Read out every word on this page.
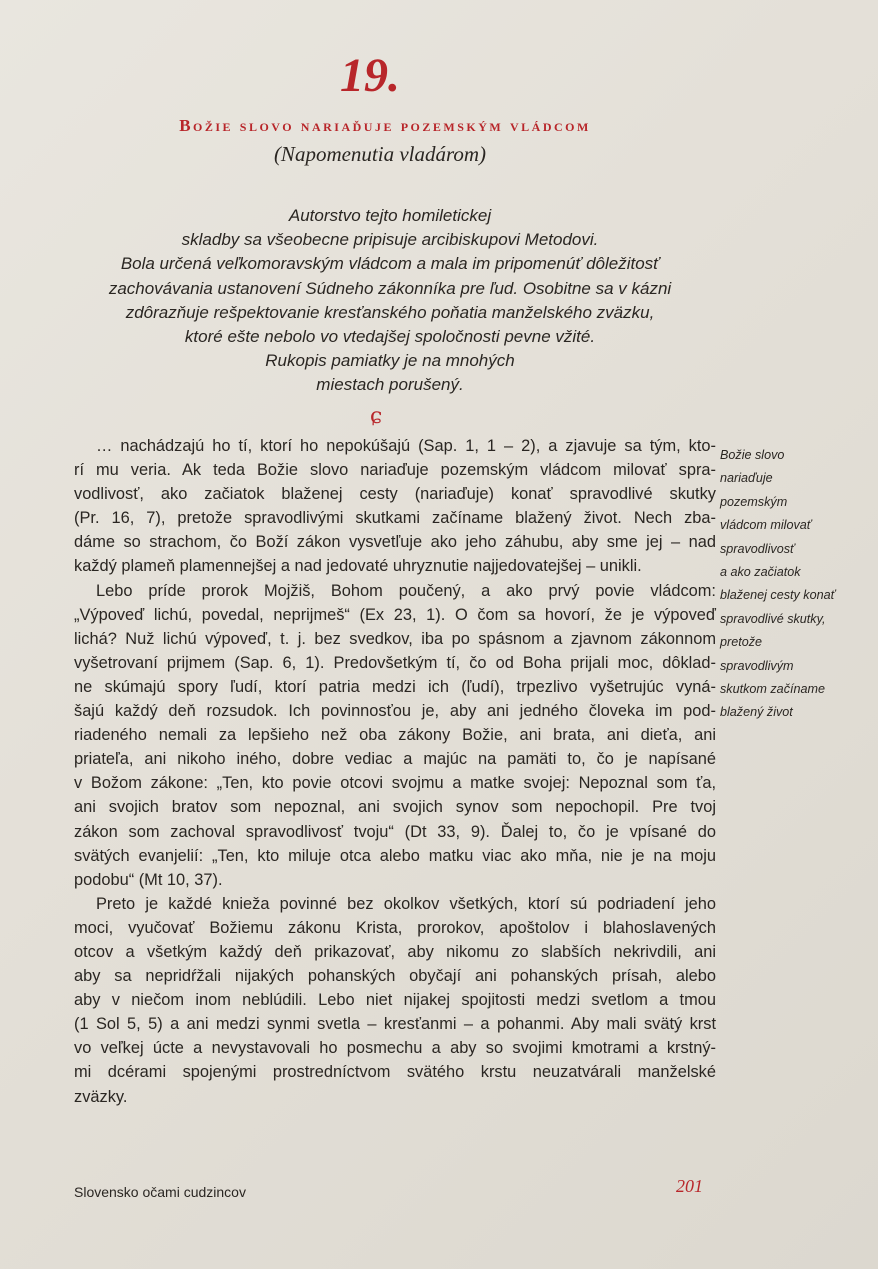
19.
Božie slovo nariaďuje pozemským vládcom

(Napomenutia vladárom)

Autorstvo tejto homiletickej
skladby sa všeobecne pripisuje arcibiskupovi Metodovi.
Bola určená veľkomoravským vládcom a mala im pripomenúť dôležitosť
zachovávania ustanovení Súdneho zákonníka pre ľud. Osobitne sa v kázni
zdôrazňuje rešpektovanie kresťanského poňatia manželského zväzku,
ktoré ešte nebolo vo vtedajšej spoločnosti pevne vžité.
Rukopis pamiatky je na mnohých
miestach porušený.
ɕ
… nachádzajú ho tí, ktorí ho nepokúšajú (Sap. 1, 1 – 2), a zjavuje sa tým, kto-
rí mu veria. Ak teda Božie slovo nariaďuje pozemským vládcom milovať spra-
vodlivosť, ako začiatok blaženej cesty (nariaďuje) konať spravodlivé skutky
(Pr. 16, 7), pretože spravodlivými skutkami začíname blažený život. Nech zba-
dáme so strachom, čo Boží zákon vysvetľuje ako jeho záhubu, aby sme jej – nad
každý plameň plamennejšej a nad jedovaté uhryznutie najjedovatejšej – unikli.
Lebo príde prorok Mojžiš, Bohom poučený, a ako prvý povie vládcom:
„Výpoveď lichú, povedal, neprijmeš“ (Ex 23, 1). O čom sa hovorí, že je výpoveď
lichá? Nuž lichú výpoveď, t. j. bez svedkov, iba po spásnom a zjavnom zákonnom
vyšetrovaní prijmem (Sap. 6, 1). Predovšetkým tí, čo od Boha prijali moc, dôklad-
ne skúmajú spory ľudí, ktorí patria medzi ich (ľudí), trpezlivo vyšetrujúc vyná-
šajú každý deň rozsudok. Ich povinnosťou je, aby ani jedného človeka im pod-
riadeného nemali za lepšieho než oba zákony Božie, ani brata, ani dieťa, ani
priateľa, ani nikoho iného, dobre vediac a majúc na pamäti to, čo je napísané
v Božom zákone: „Ten, kto povie otcovi svojmu a matke svojej: Nepoznal som ťa,
ani svojich bratov som nepoznal, ani svojich synov som nepochopil. Pre tvoj
zákon som zachoval spravodlivosť tvoju“ (Dt 33, 9). Ďalej to, čo je vpísané do
svätých evanjelií: „Ten, kto miluje otca alebo matku viac ako mňa, nie je na moju
podobu“ (Mt 10, 37).
Preto je každé knieža povinné bez okolkov všetkých, ktorí sú podriadení jeho
moci, vyučovať Božiemu zákonu Krista, prorokov, apoštolov i blahoslavených
otcov a všetkým každý deň prikazovať, aby nikomu zo slabších nekrivdili, ani
aby sa nepridŕžali nijakých pohanských obyčají ani pohanských prísah, alebo
aby v niečom inom neblúdili. Lebo niet nijakej spojitosti medzi svetlom a tmou
(1 Sol 5, 5) a ani medzi synmi svetla – kresťanmi – a pohanmi. Aby mali svätý krst
vo veľkej úcte a nevystavovali ho posmechu a aby so svojimi kmotrami a krstný-
mi dcérami spojenými prostredníctvom svätého krstu neuzatvárali manželské
zväzky.
Božie slovo
nariaďuje
pozemským
vládcom milovať
spravodlivosť
a ako začiatok
blaženej cesty konať
spravodlivé skutky,
pretože
spravodlivým
skutkom začíname
blažený život
Slovensko očami cudzincov	201
